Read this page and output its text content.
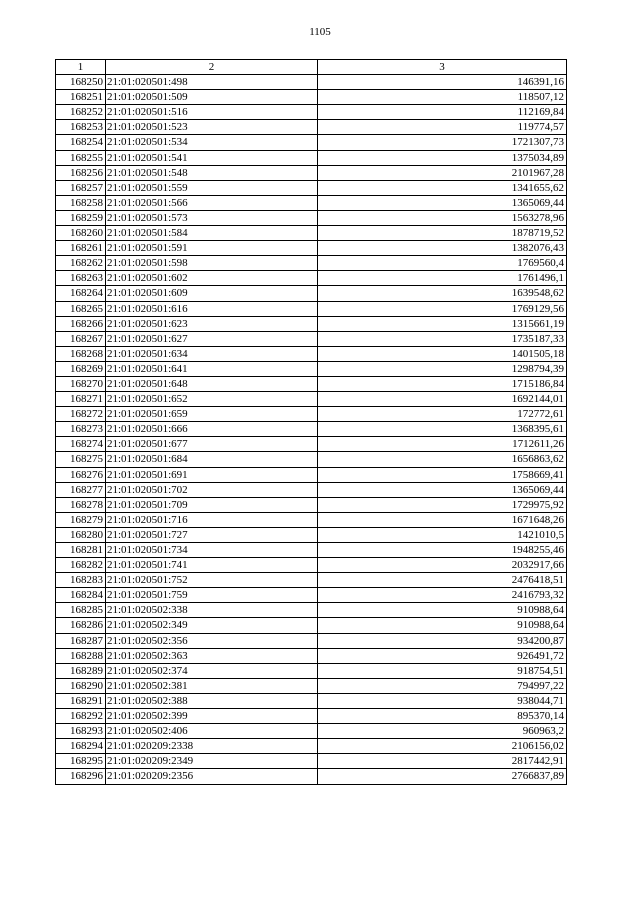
1105
1	2	3
168250	21:01:020501:498	146391,16
168251	21:01:020501:509	118507,12
168252	21:01:020501:516	112169,84
168253	21:01:020501:523	119774,57
168254	21:01:020501:534	1721307,73
168255	21:01:020501:541	1375034,89
168256	21:01:020501:548	2101967,28
168257	21:01:020501:559	1341655,62
168258	21:01:020501:566	1365069,44
168259	21:01:020501:573	1563278,96
168260	21:01:020501:584	1878719,52
168261	21:01:020501:591	1382076,43
168262	21:01:020501:598	1769560,4
168263	21:01:020501:602	1761496,1
168264	21:01:020501:609	1639548,62
168265	21:01:020501:616	1769129,56
168266	21:01:020501:623	1315661,19
168267	21:01:020501:627	1735187,33
168268	21:01:020501:634	1401505,18
168269	21:01:020501:641	1298794,39
168270	21:01:020501:648	1715186,84
168271	21:01:020501:652	1692144,01
168272	21:01:020501:659	172772,61
168273	21:01:020501:666	1368395,61
168274	21:01:020501:677	1712611,26
168275	21:01:020501:684	1656863,62
168276	21:01:020501:691	1758669,41
168277	21:01:020501:702	1365069,44
168278	21:01:020501:709	1729975,92
168279	21:01:020501:716	1671648,26
168280	21:01:020501:727	1421010,5
168281	21:01:020501:734	1948255,46
168282	21:01:020501:741	2032917,66
168283	21:01:020501:752	2476418,51
168284	21:01:020501:759	2416793,32
168285	21:01:020502:338	910988,64
168286	21:01:020502:349	910988,64
168287	21:01:020502:356	934200,87
168288	21:01:020502:363	926491,72
168289	21:01:020502:374	918754,51
168290	21:01:020502:381	794997,22
168291	21:01:020502:388	938044,71
168292	21:01:020502:399	895370,14
168293	21:01:020502:406	960963,2
168294	21:01:020209:2338	2106156,02
168295	21:01:020209:2349	2817442,91
168296	21:01:020209:2356	2766837,89
